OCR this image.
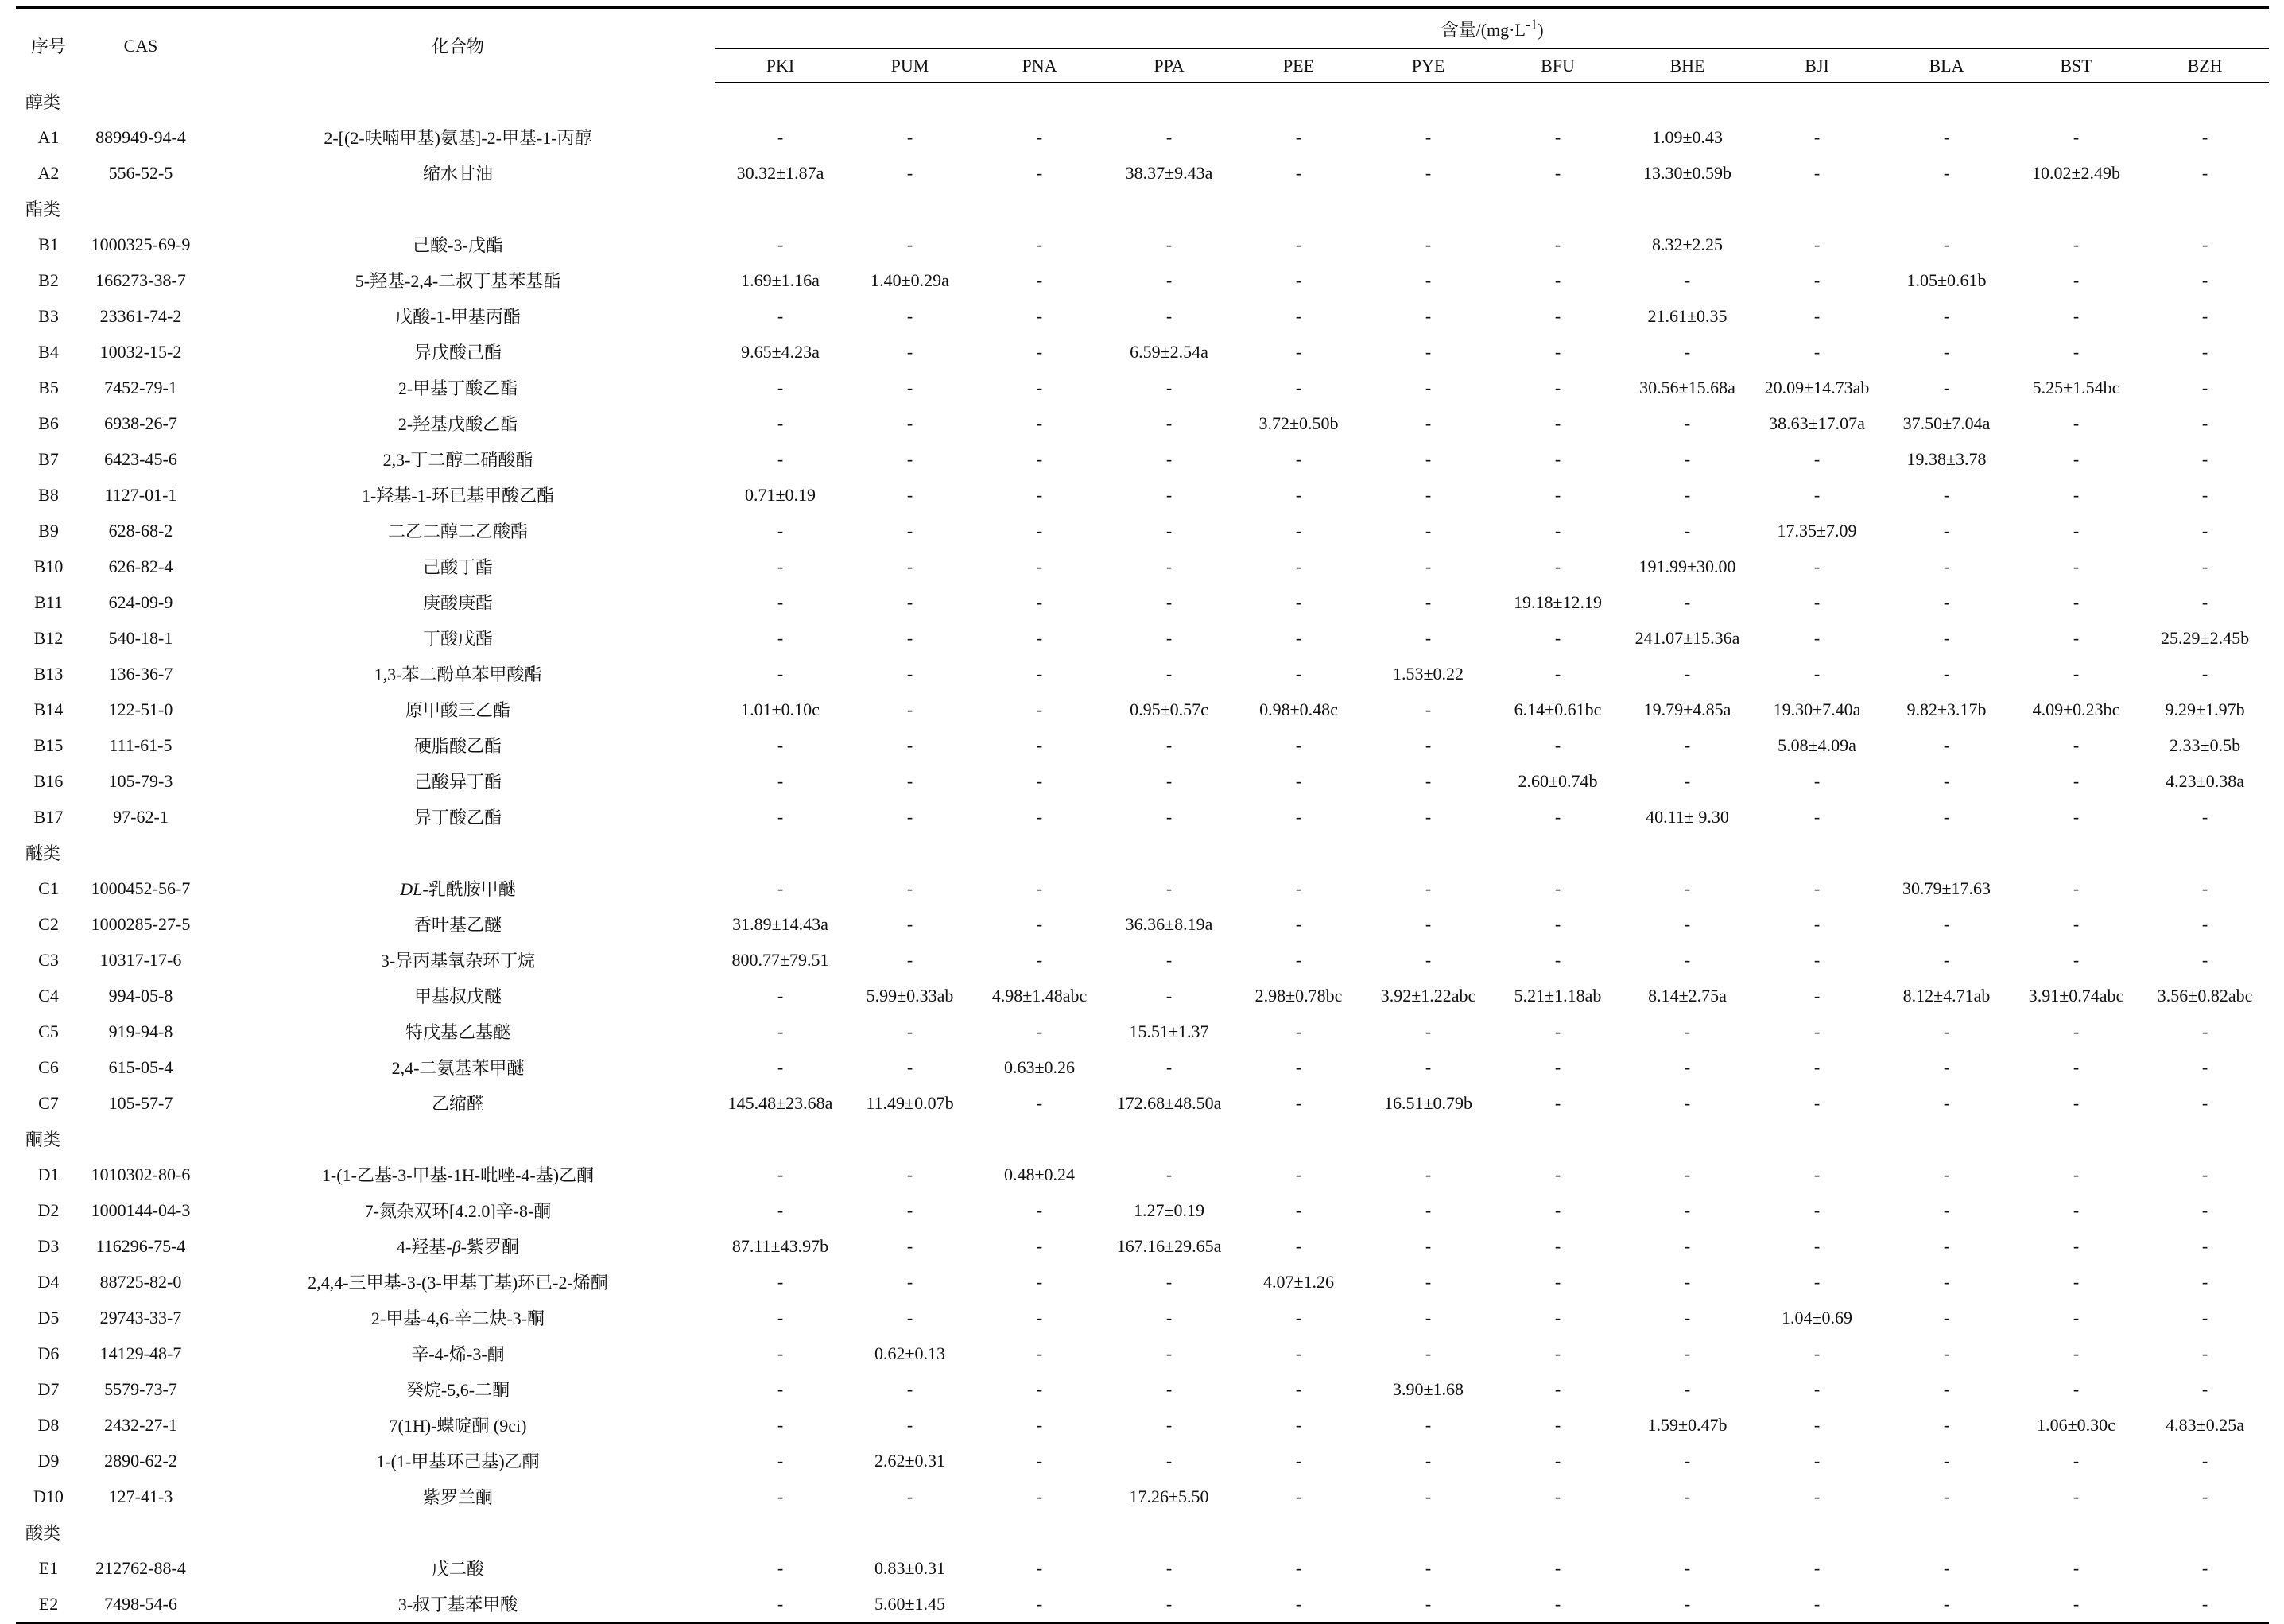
序号	CAS	化合物	含量$/(mg\cdot L^{-1})$											
			PKI	PUM	PNA	PPA	PEE	PYE	BFU	BHE	BJI	BLA	BST	BZH
醇类														
A1	889949-94-4	2-[(2-呋喃甲基)氨基]-2-甲基-1-丙醇	-	-	-	-	-	-	-	1.09±0.43	-	-	-	-
A2	556-52-5	缩水甘油	30.32±1.87a	-	-	38.37±9.43a	-	-	-	13.30±0.59b	-	-	10.02±2.49b	-
酯类														
B1	1000325-69-9	己酸-3-戊酯	-	-	-	-	-	-	-	8.32±2.25	-	-	-	-
B2	166273-38-7	5-羟基-2,4-二叔丁基苯基酯	1.69±1.16a	1.40±0.29a	-	-	-	-	-	-	-	1.05±0.61b	-	-
B3	23361-74-2	戊酸-1-甲基丙酯	-	-	-	-	-	-	-	21.61±0.35	-	-	-	-
B4	10032-15-2	异戊酸己酯	9.65±4.23a	-	-	6.59±2.54a	-	-	-	-	-	-	-	-
B5	7452-79-1	2-甲基丁酸乙酯	-	-	-	-	-	-	-	30.56±15.68a	20.09±14.73ab	-	5.25±1.54bc	-
B6	6938-26-7	2-羟基戊酸乙酯	-	-	-	-	3.72±0.50b	-	-	-	38.63±17.07a	37.50±7.04a	-	-
B7	6423-45-6	2,3-丁二醇二硝酸酯	-	-	-	-	-	-	-	-	-	19.38±3.78	-	-
B8	1127-01-1	1-羟基-1-环已基甲酸乙酯	0.71±0.19	-	-	-	-	-	-	-	-	-	-	-
B9	628-68-2	二乙二醇二乙酸酯	-	-	-	-	-	-	-	-	17.35±7.09	-	-	-
B10	626-82-4	己酸丁酯	-	-	-	-	-	-	-	191.99±30.00	-	-	-	-
B11	624-09-9	庚酸庚酯	-	-	-	-	-	-	19.18±12.19	-	-	-	-	-
B12	540-18-1	丁酸戊酯	-	-	-	-	-	-	-	241.07±15.36a	-	-	-	25.29±2.45b
B13	136-36-7	1,3-苯二酚单苯甲酸酯	-	-	-	-	-	1.53±0.22	-	-	-	-	-	-
B14	122-51-0	原甲酸三乙酯	1.01±0.10c	-	-	0.95±0.57c	0.98±0.48c	-	6.14±0.61bc	19.79±4.85a	19.30±7.40a	9.82±3.17b	4.09±0.23bc	9.29±1.97b
B15	111-61-5	硬脂酸乙酯	-	-	-	-	-	-	-	-	5.08±4.09a	-	-	2.33±0.5b
B16	105-79-3	己酸异丁酯	-	-	-	-	-	-	2.60±0.74b	-	-	-	-	4.23±0.38a
B17	97-62-1	异丁酸乙酯	-	-	-	-	-	-	-	40.11± 9.30	-	-	-	-
醚类														
C1	1000452-56-7	DL-乳酰胺甲醚	-	-	-	-	-	-	-	-	-	30.79±17.63	-	-
C2	1000285-27-5	香叶基乙醚	31.89±14.43a	-	-	36.36±8.19a	-	-	-	-	-	-	-	-
C3	10317-17-6	3-异丙基氧杂环丁烷	800.77±79.51	-	-	-	-	-	-	-	-	-	-	-
C4	994-05-8	甲基叔戊醚	-	5.99±0.33ab	4.98±1.48abc	-	2.98±0.78bc	3.92±1.22abc	5.21±1.18ab	8.14±2.75a	-	8.12±4.71ab	3.91±0.74abc	3.56±0.82abc
C5	919-94-8	特戊基乙基醚	-	-	-	15.51±1.37	-	-	-	-	-	-	-	-
C6	615-05-4	2,4-二氨基苯甲醚	-	-	0.63±0.26	-	-	-	-	-	-	-	-	-
C7	105-57-7	乙缩醛	145.48±23.68a	11.49±0.07b	-	172.68±48.50a	-	16.51±0.79b	-	-	-	-	-	-
酮类														
D1	1010302-80-6	1-(1-乙基-3-甲基-1H-吡唑-4-基)乙酮	-	-	0.48±0.24	-	-	-	-	-	-	-	-	-
D2	1000144-04-3	7-氮杂双环[4.2.0]辛-8-酮	-	-	-	1.27±0.19	-	-	-	-	-	-	-	-
D3	116296-75-4	4-羟基-β-紫罗酮	87.11±43.97b	-	-	167.16±29.65a	-	-	-	-	-	-	-	-
D4	88725-82-0	2,4,4-三甲基-3-(3-甲基丁基)环已-2-烯酮	-	-	-	-	4.07±1.26	-	-	-	-	-	-	-
D5	29743-33-7	2-甲基-4,6-辛二炔-3-酮	-	-	-	-	-	-	-	-	1.04±0.69	-	-	-
D6	14129-48-7	辛-4-烯-3-酮	-	0.62±0.13	-	-	-	-	-	-	-	-	-	-
D7	5579-73-7	癸烷-5,6-二酮	-	-	-	-	-	3.90±1.68	-	-	-	-	-	-
D8	2432-27-1	7(1H)-蝶啶酮 (9ci)	-	-	-	-	-	-	-	1.59±0.47b	-	-	1.06±0.30c	4.83±0.25a
D9	2890-62-2	1-(1-甲基环己基)乙酮	-	2.62±0.31	-	-	-	-	-	-	-	-	-	-
D10	127-41-3	紫罗兰酮	-	-	-	17.26±5.50	-	-	-	-	-	-	-	-
酸类														
E1	212762-88-4	戊二酸	-	0.83±0.31	-	-	-	-	-	-	-	-	-	-
E2	7498-54-6	3-叔丁基苯甲酸	-	5.60±1.45	-	-	-	-	-	-	-	-	-	-
